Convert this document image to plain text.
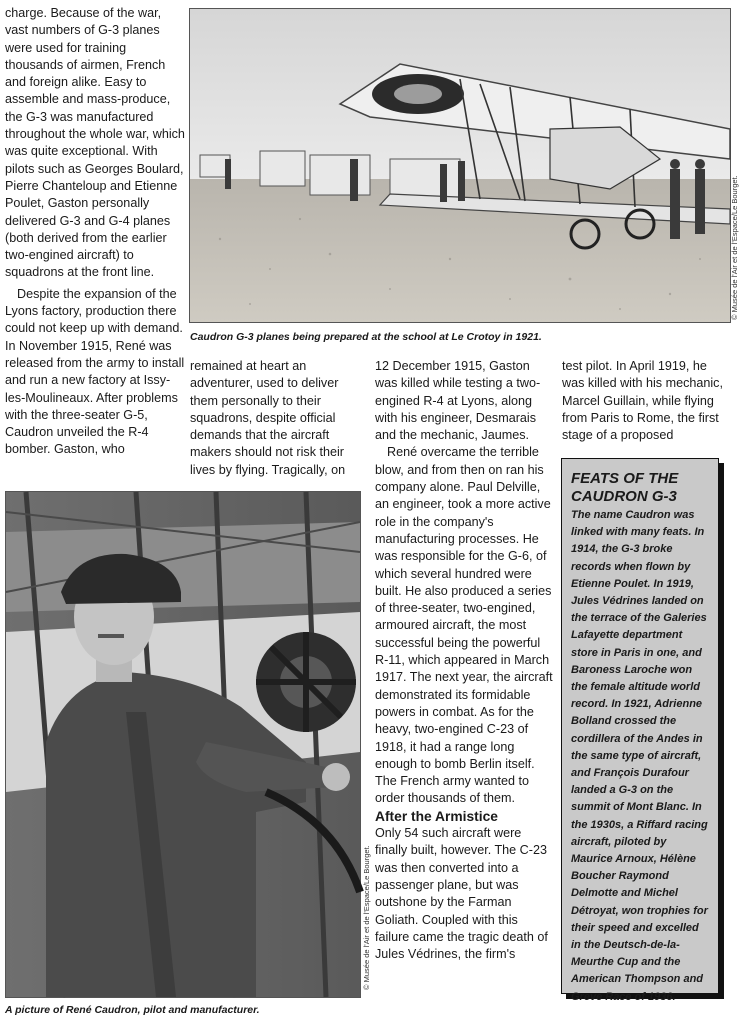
charge. Because of the war, vast numbers of G-3 planes were used for training thousands of airmen, French and foreign alike. Easy to assemble and mass-produce, the G-3 was manufactured throughout the whole war, which was quite exceptional. With pilots such as Georges Boulard, Pierre Chanteloup and Etienne Poulet, Gaston personally delivered G-3 and G-4 planes (both derived from the earlier two-engined aircraft) to squadrons at the front line.

Despite the expansion of the Lyons factory, production there could not keep up with demand. In November 1915, René was released from the army to install and run a new factory at Issy-les-Moulineaux. After problems with the three-seater G-5, Caudron unveiled the R-4 bomber. Gaston, who

© Musée de l'Air et de l'Espace/Le Bourget.
Caudron G-3 planes being prepared at the school at Le Crotoy in 1921.

remained at heart an adventurer, used to deliver them personally to their squadrons, despite official demands that the aircraft makers should not risk their lives by flying. Tragically, on

12 December 1915, Gaston was killed while testing a two-engined R-4 at Lyons, along with his engineer, Desmarais and the mechanic, Jaumes.

René overcame the terrible blow, and from then on ran his company alone. Paul Delville, an engineer, took a more active role in the company's manufacturing processes. He was responsible for the G-6, of which several hundred were built. He also produced a series of three-seater, two-engined, armoured aircraft, the most successful being the powerful R-11, which appeared in March 1917. The next year, the aircraft demonstrated its formidable powers in combat. As for the heavy, two-engined C-23 of 1918, it had a range long enough to bomb Berlin itself. The French army wanted to order thousands of them.

After the Armistice

Only 54 such aircraft were finally built, however. The C-23 was then converted into a passenger plane, but was outshone by the Farman Goliath. Coupled with this failure came the tragic death of Jules Védrines, the firm's

test pilot. In April 1919, he was killed with his mechanic, Marcel Guillain, while flying from Paris to Rome, the first stage of a proposed

© Musée de l'Air et de l'Espace/Le Bourget.
A picture of René Caudron, pilot and manufacturer.

FEATS OF THE

CAUDRON G-3

The name Caudron was linked with many feats. In 1914, the G-3 broke records when flown by Etienne Poulet. In 1919, Jules Védrines landed on the terrace of the Galeries Lafayette department store in Paris in one, and Baroness Laroche won the female altitude world record. In 1921, Adrienne Bolland crossed the cordillera of the Andes in the same type of aircraft, and François Durafour landed a G-3 on the summit of Mont Blanc. In the 1930s, a Riffard racing aircraft, piloted by Maurice Arnoux, Hélène Boucher Raymond Delmotte and Michel Détroyat, won trophies for their speed and excelled in the Deutsch-de-la-Meurthe Cup and the American Thompson and Greve Race of 1936.
